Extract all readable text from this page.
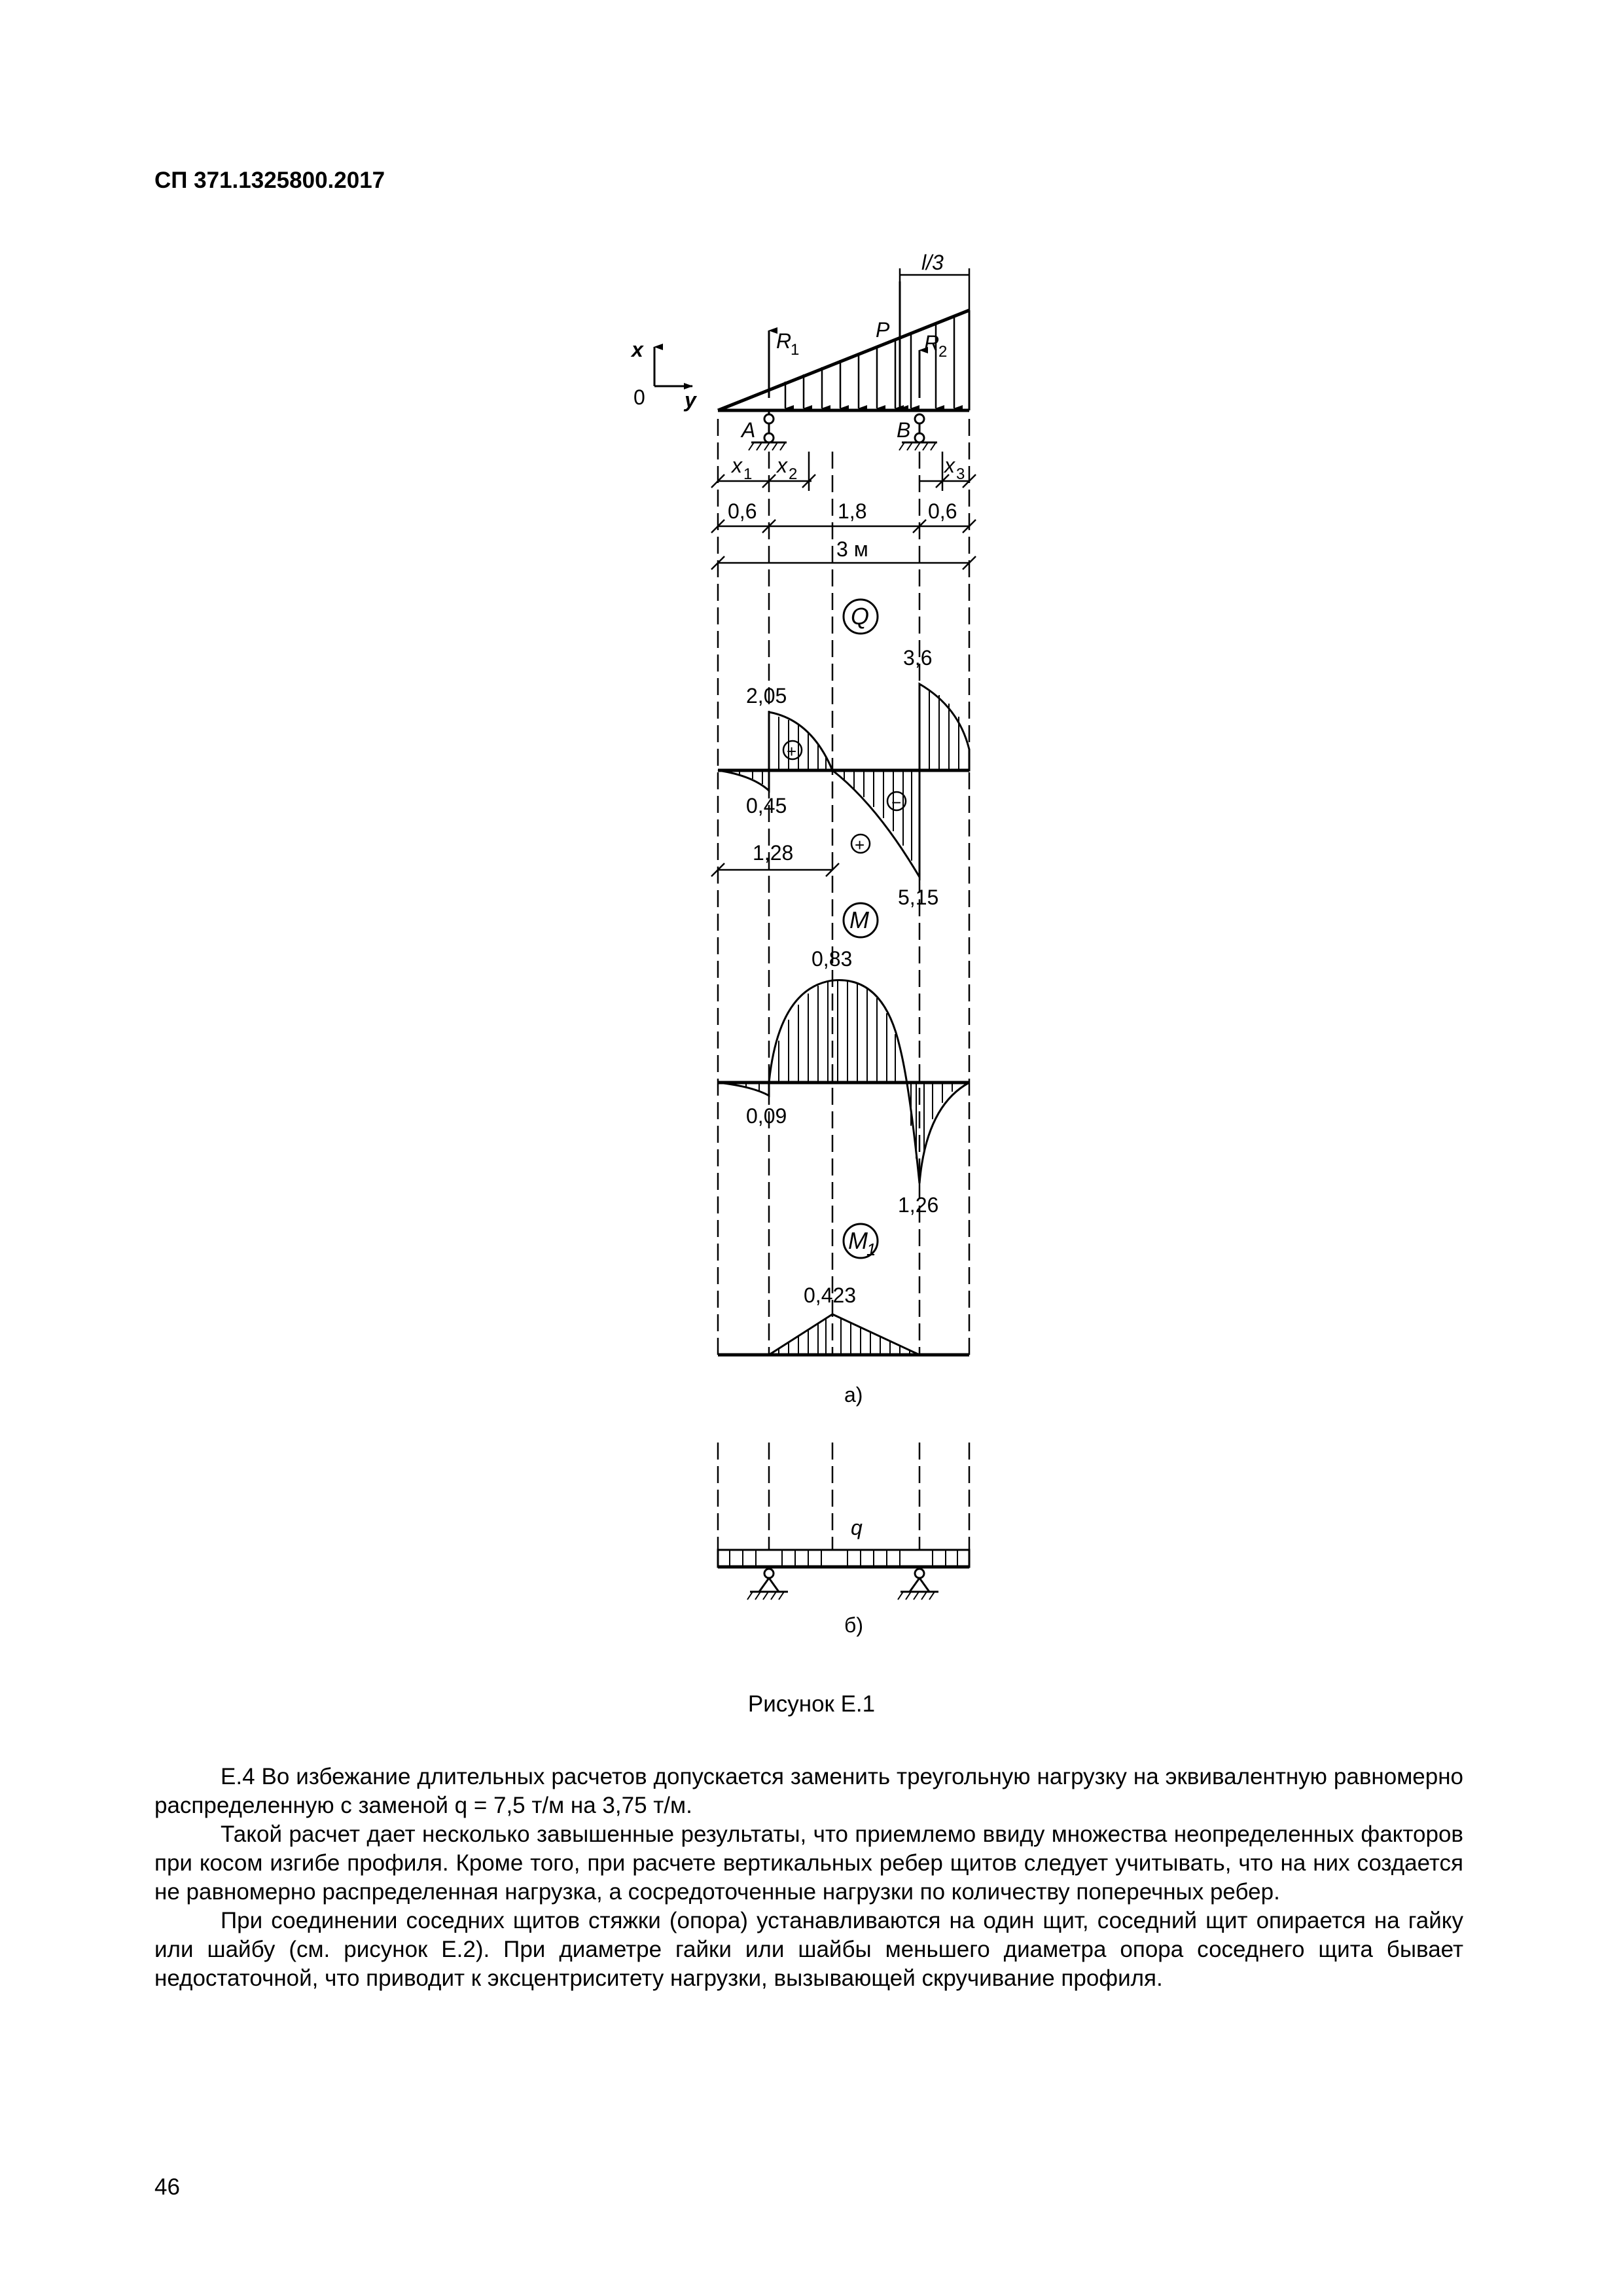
СП 371.1325800.2017
l/3
x
0 y
R
1
P
R
2
A	B
x 1 x 2	x 3
0,6	1,8	0,6
3 м
Q
3,6
2,05
0,45
1,28
5,15
+
−
+
M
0,83
0,09
1,26
M
1
0,423
а)
q
б)
Рисунок Е.1

Е.4 Во избежание длительных расчетов допускается заменить треугольную нагрузку на эквивалентную равномерно распределенную с заменой q = 7,5 т/м на 3,75 т/м.

Такой расчет дает несколько завышенные результаты, что приемлемо ввиду множества неопределенных факторов при косом изгибе профиля. Кроме того, при расчете вертикальных ребер щитов следует учитывать, что на них создается не равномерно распределенная нагрузка, а сосредоточенные нагрузки по количеству поперечных ребер.

При соединении соседних щитов стяжки (опора) устанавливаются на один щит, соседний щит опирается на гайку или шайбу (см. рисунок Е.2). При диаметре гайки или шайбы меньшего диаметра опора соседнего щита бывает недостаточной, что приводит к эксцентриситету нагрузки, вызывающей скручивание профиля.

46
